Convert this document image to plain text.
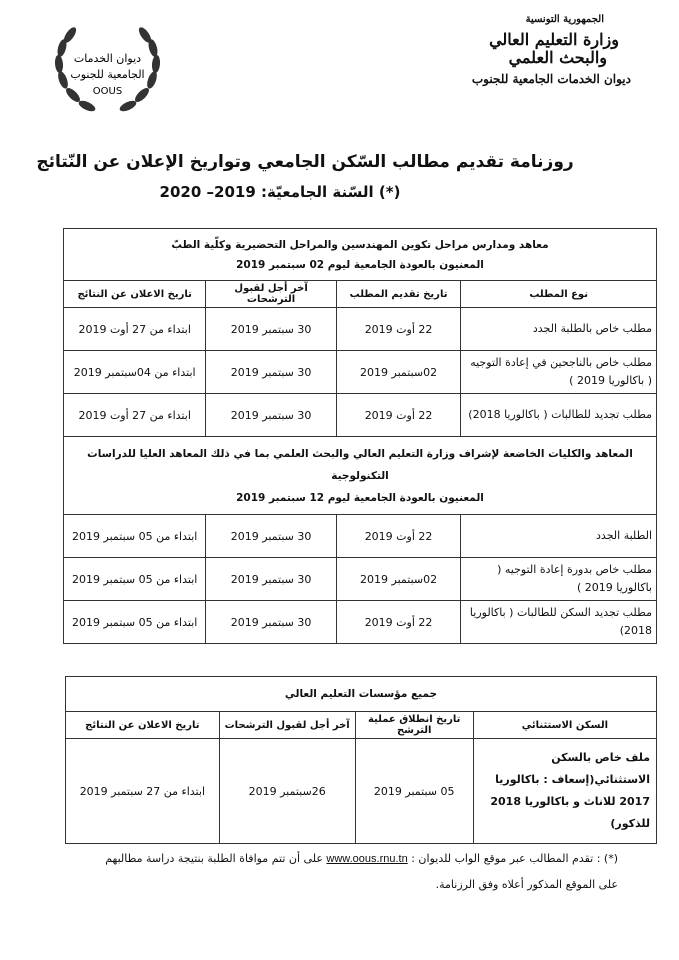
الجمهورية التونسية
وزارة التعليم العالي
والبحث العلمي
ديوان الخدمات الجامعية للجنوب
ديوان الخدمات
الجامعية للجنوب
OOUS
روزنامة تقديم مطالب السّكن الجامعي وتواريخ الإعلان عن النّتائج
السّنة الجامعيّة: 2019– 2020 (*)
معاهد ومدارس مراحل تكوين المهندسين والمراحل التحضيرية وكلّية الطبّ
المعنيون بالعودة الجامعية ليوم 02 سبتمبر 2019			

نوع المطلب	تاريخ تقديم المطلب	آخر أجل لقبول الترشحات	تاريخ الاعلان عن النتائج
مطلب خاص بالطلبة الجدد	22 أوت 2019	30 سبتمبر 2019	ابتداء من 27 أوت 2019
مطلب خاص بالناجحين في إعادة التوجيه ( باكالوريا 2019 )	02سبتمبر 2019	30 سبتمبر 2019	ابتداء من 04سبتمبر 2019
مطلب تجديد للطالبات ( باكالوريا 2018)	22 أوت 2019	30 سبتمبر 2019	ابتداء من 27 أوت 2019

المعاهد والكليات الخاضعة لإشراف وزارة التعليم العالي والبحث العلمي بما في ذلك المعاهد العليا للدراسات التكنولوجية
المعنيون بالعودة الجامعية ليوم 12 سبتمبر 2019			

الطلبة الجدد	22 أوت 2019	30 سبتمبر 2019	ابتداء من 05 سبتمبر 2019
مطلب خاص بدورة إعادة التوجيه ( باكالوريا 2019 )	02سبتمبر 2019	30 سبتمبر 2019	ابتداء من 05 سبتمبر 2019
مطلب تجديد السكن للطالبات ( باكالوريا 2018)	22 أوت 2019	30 سبتمبر 2019	ابتداء من 05 سبتمبر 2019
جميع مؤسسات التعليم العالي			
السكن الاستثنائي	تاريخ انطلاق عملية الترشح	آخر أجل لقبول الترشحات	تاريخ الاعلان عن النتائج
ملف خاص بالسكن الاستثنائي(إسعاف : باكالوريا 2017 للاناث و باكالوريا 2018 للذكور)	05 سبتمبر 2019	26سبتمبر 2019	ابتداء من 27 سبتمبر 2019
(*) : تقدم المطالب عبر موقع الواب للديوان : www.oous.rnu.tn على أن تتم موافاة الطلبة بنتيجة دراسة مطالبهم
على الموقع المذكور أعلاه وفق الرزنامة.
